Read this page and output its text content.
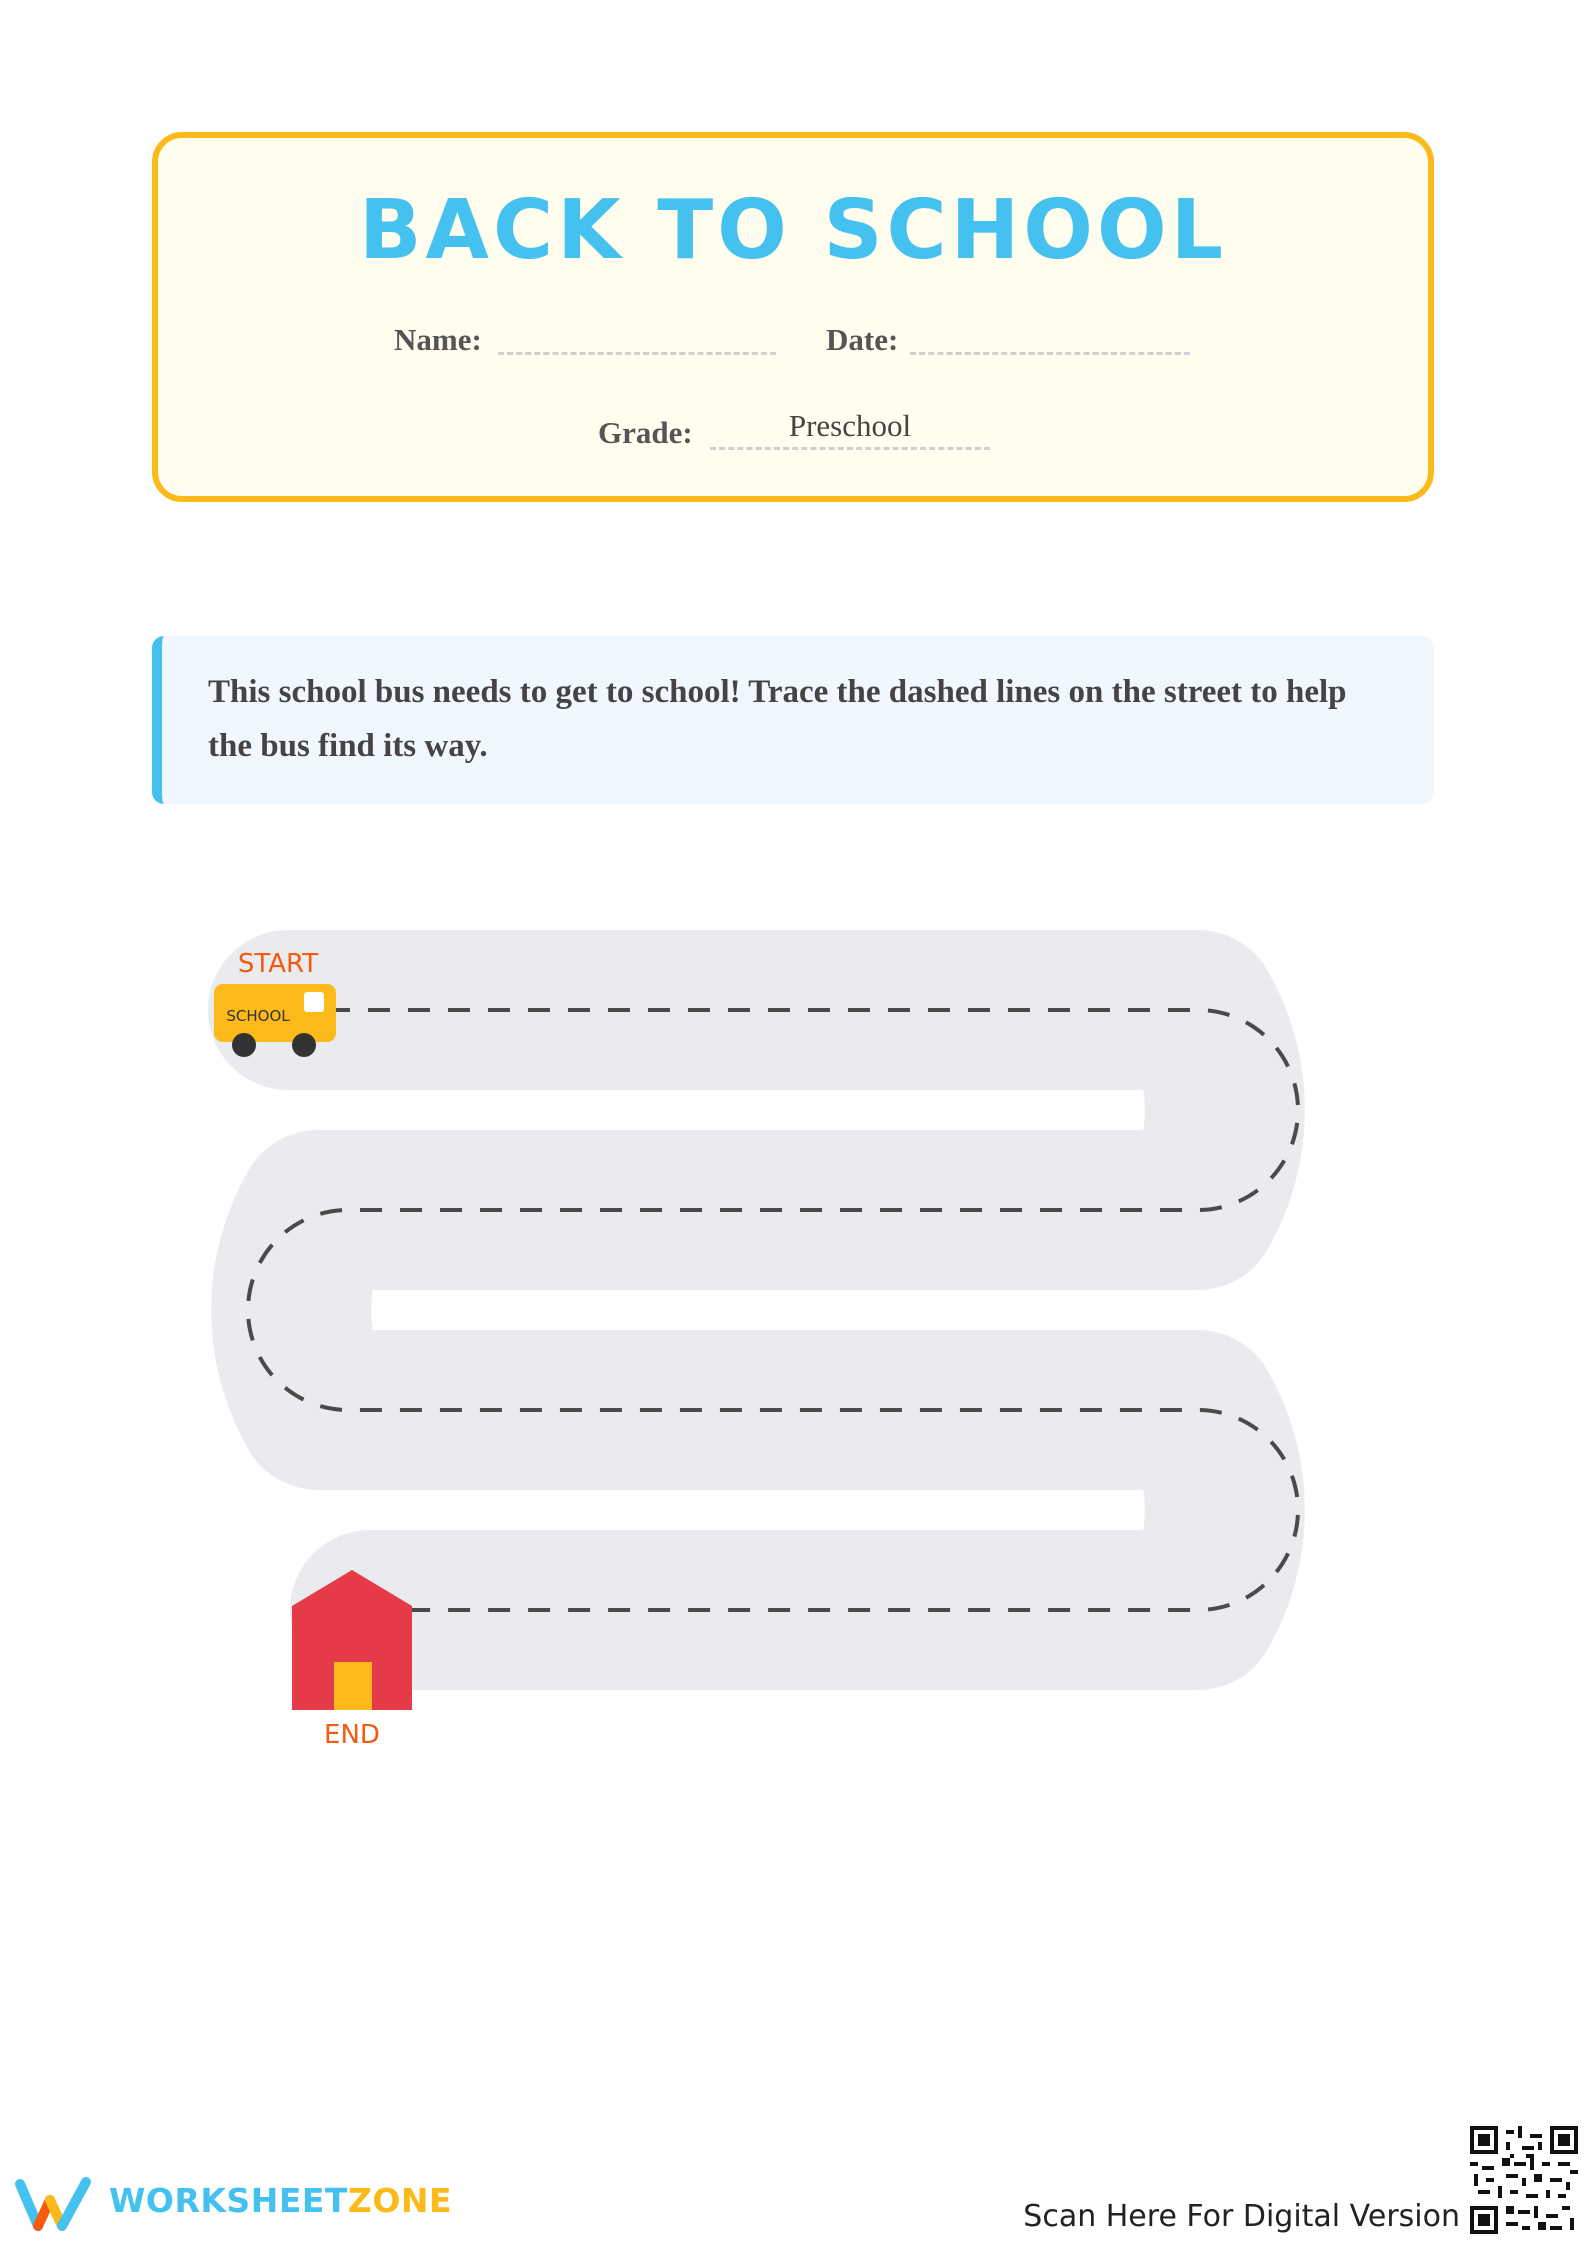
BACK TO SCHOOL
Name:	Date:
Grade:	Preschool
This school bus needs to get to school! Trace the dashed lines on the street to help the bus find its way.
START
SCHOOL
END
WORKSHEETZONE	Scan Here For Digital Version
